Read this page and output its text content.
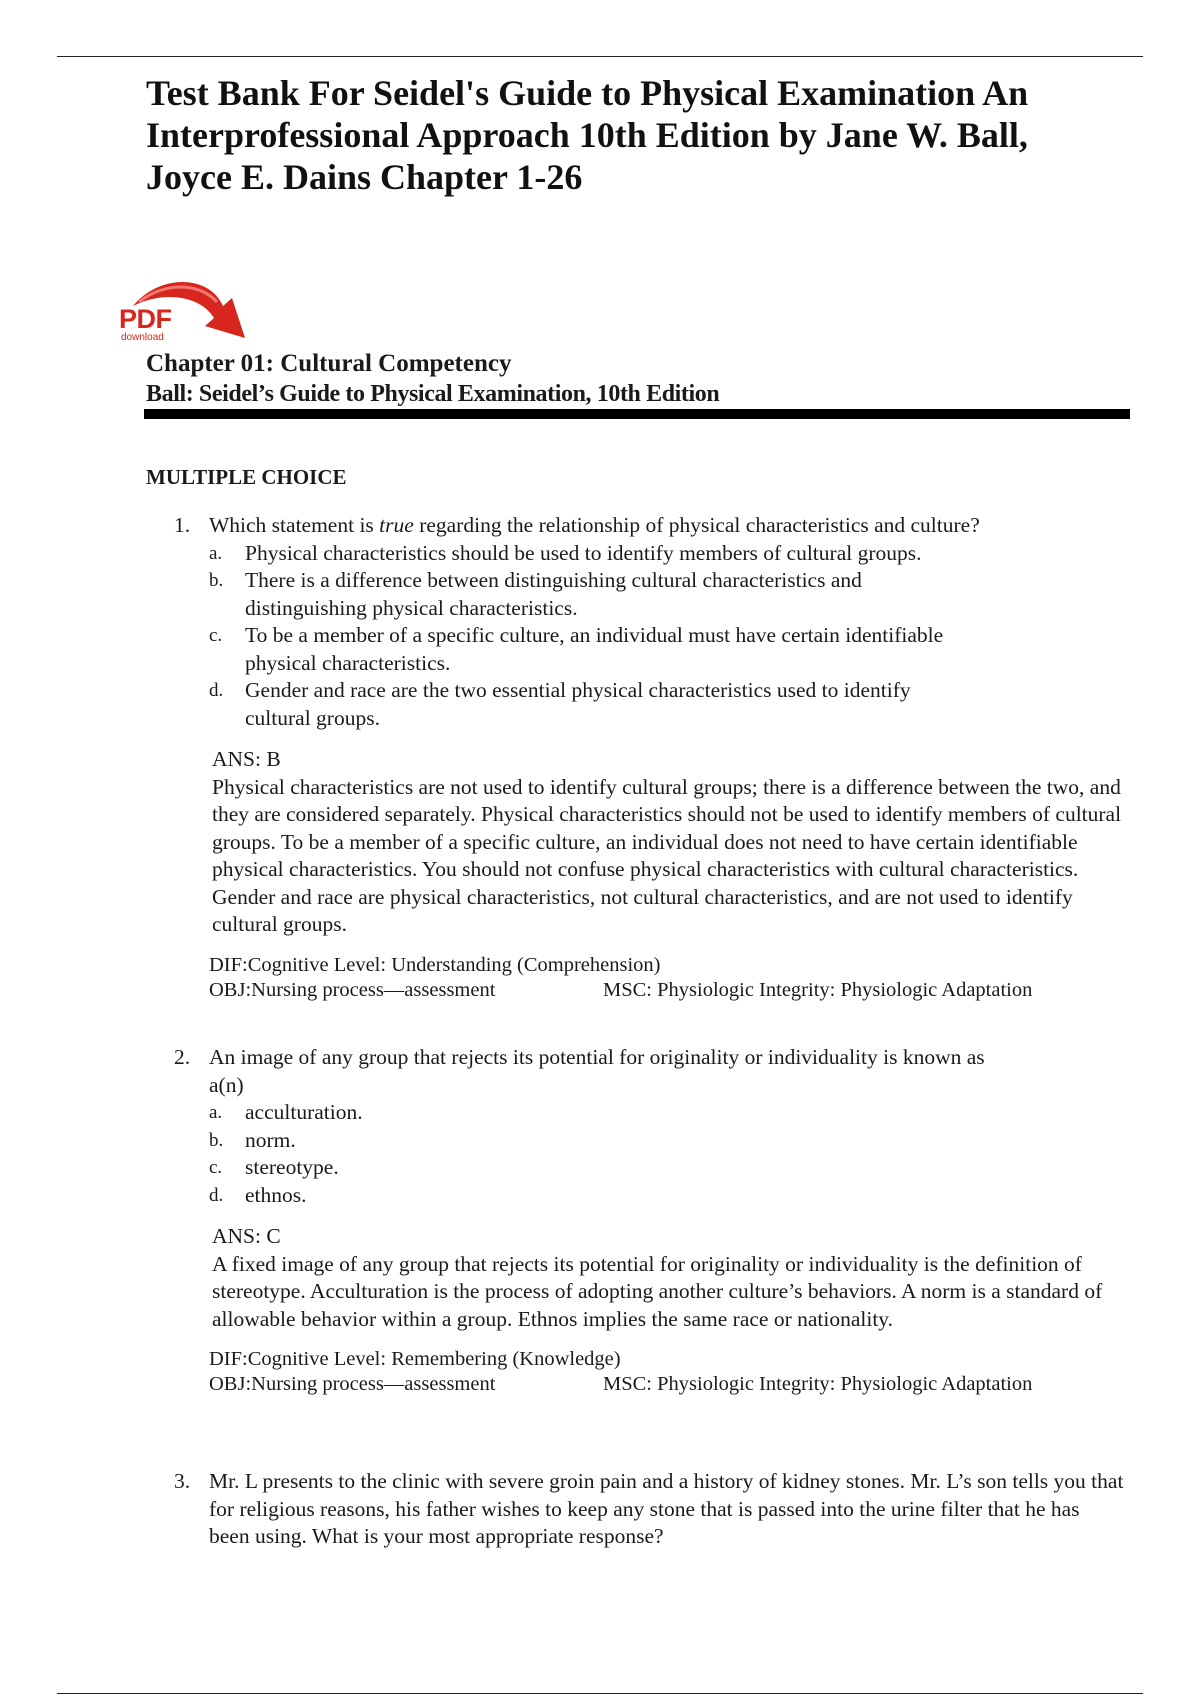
Test Bank For Seidel's Guide to Physical Examination An Interprofessional Approach 10th Edition by Jane W. Ball, Joyce E. Dains Chapter 1-26
PDF
download
Chapter 01: Cultural Competency
Ball: Seidel’s Guide to Physical Examination, 10th Edition
MULTIPLE CHOICE
1. Which statement is true regarding the relationship of physical characteristics and culture?
a. Physical characteristics should be used to identify members of cultural groups.
b. There is a difference between distinguishing cultural characteristics and
distinguishing physical characteristics.
c. To be a member of a specific culture, an individual must have certain identifiable
physical characteristics.
d. Gender and race are the two essential physical characteristics used to identify
cultural groups.
ANS: B
Physical characteristics are not used to identify cultural groups; there is a difference between the two, and they are considered separately. Physical characteristics should not be used to identify members of cultural groups. To be a member of a specific culture, an individual does not need to have certain identifiable physical characteristics. You should not confuse physical characteristics with cultural characteristics. Gender and race are physical characteristics, not cultural characteristics, and are not used to identify cultural groups.
DIF:Cognitive Level: Understanding (Comprehension)
OBJ:Nursing process—assessment	MSC: Physiologic Integrity: Physiologic Adaptation
2. An image of any group that rejects its potential for originality or individuality is known as
a(n)
a. acculturation.
b. norm.
c. stereotype.
d. ethnos.
ANS: C
A fixed image of any group that rejects its potential for originality or individuality is the definition of stereotype. Acculturation is the process of adopting another culture’s behaviors. A norm is a standard of allowable behavior within a group. Ethnos implies the same race or nationality.
DIF:Cognitive Level: Remembering (Knowledge)
OBJ:Nursing process—assessment	MSC: Physiologic Integrity: Physiologic Adaptation
3. Mr. L presents to the clinic with severe groin pain and a history of kidney stones. Mr. L’s son tells you that for religious reasons, his father wishes to keep any stone that is passed into the urine filter that he has been using. What is your most appropriate response?
